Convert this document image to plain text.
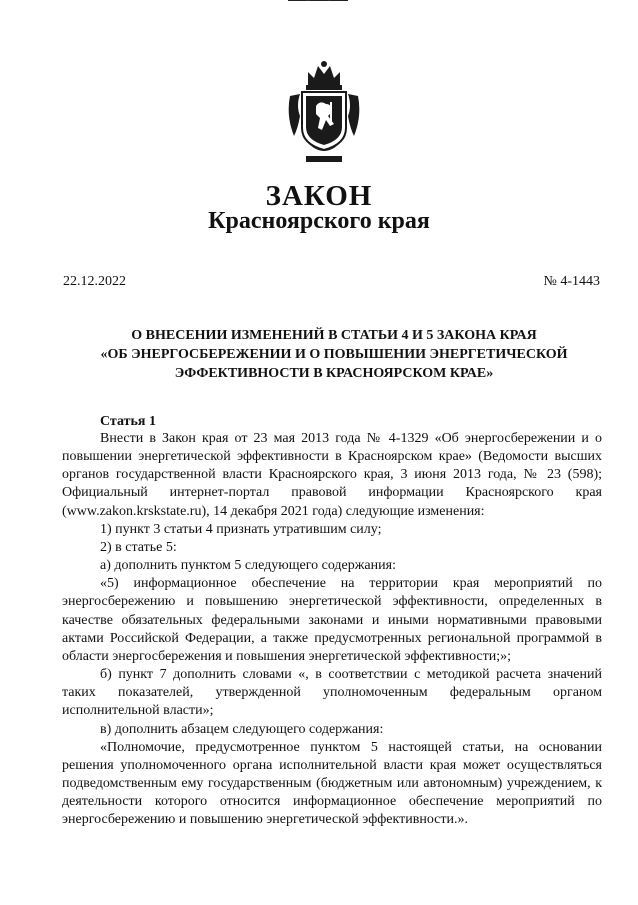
ЗАКОН
Красноярского края
22.12.2022	№ 4-1443
О ВНЕСЕНИИ ИЗМЕНЕНИЙ В СТАТЬИ 4 И 5 ЗАКОНА КРАЯ
«ОБ ЭНЕРГОСБЕРЕЖЕНИИ И О ПОВЫШЕНИИ ЭНЕРГЕТИЧЕСКОЙ
ЭФФЕКТИВНОСТИ В КРАСНОЯРСКОМ КРАЕ»
Статья 1

Внести в Закон края от 23 мая 2013 года № 4-1329 «Об энергосбережении и о повышении энергетической эффективности в Красноярском крае» (Ведомости высших органов государственной власти Красноярского края, 3 июня 2013 года, № 23 (598); Официальный интернет-портал правовой информации Красноярского края (www.zakon.krskstate.ru), 14 декабря 2021 года) следующие изменения:

1) пункт 3 статьи 4 признать утратившим силу;

2) в статье 5:

а) дополнить пунктом 5 следующего содержания:

«5) информационное обеспечение на территории края мероприятий по энергосбережению и повышению энергетической эффективности, определенных в качестве обязательных федеральными законами и иными нормативными правовыми актами Российской Федерации, а также предусмотренных региональной программой в области энергосбережения и повышения энергетической эффективности;»;

б) пункт 7 дополнить словами «, в соответствии с методикой расчета значений таких показателей, утвержденной уполномоченным федеральным органом исполнительной власти»;

в) дополнить абзацем следующего содержания:

«Полномочие, предусмотренное пунктом 5 настоящей статьи, на основании решения уполномоченного органа исполнительной власти края может осуществляться подведомственным ему государственным (бюджетным или автономным) учреждением, к деятельности которого относится информационное обеспечение мероприятий по энергосбережению и повышению энергетической эффективности.».
